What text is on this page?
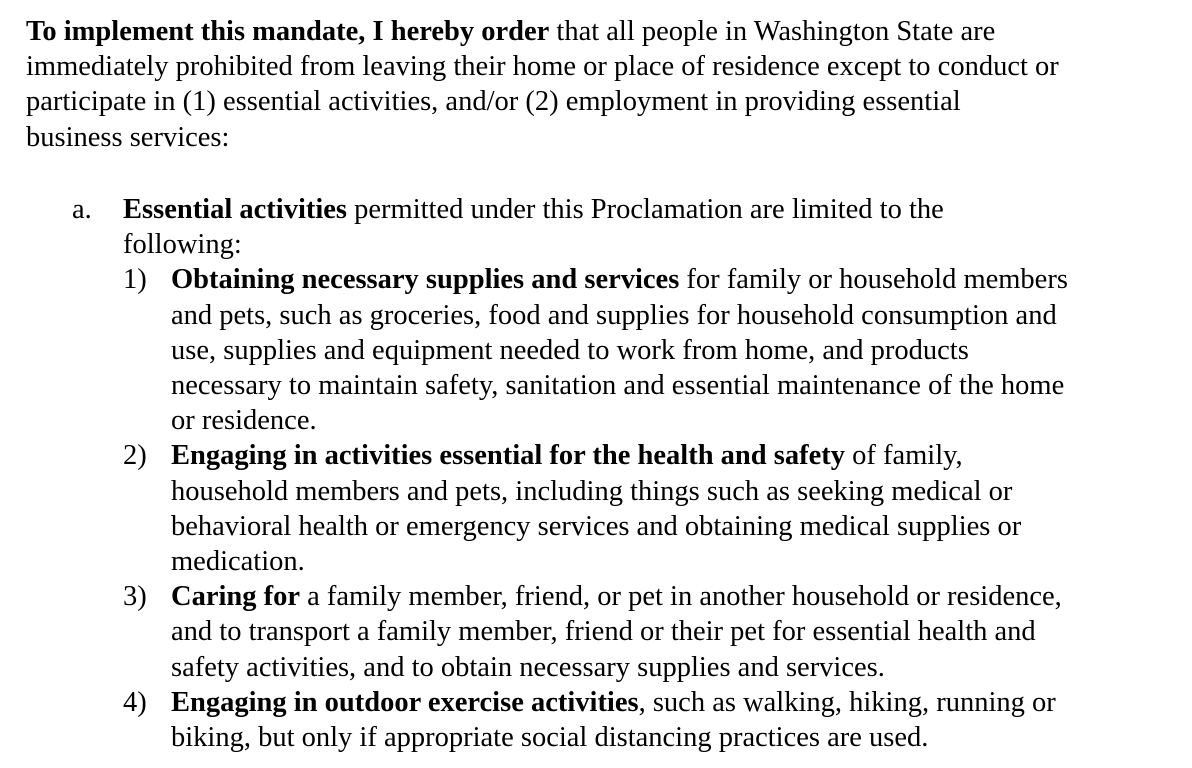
To implement this mandate, I hereby order that all people in Washington State are
immediately prohibited from leaving their home or place of residence except to conduct or
participate in (1) essential activities, and/or (2) employment in providing essential
business services:

a. Essential activities permitted under this Proclamation are limited to the
following:
1) Obtaining necessary supplies and services for family or household members
and pets, such as groceries, food and supplies for household consumption and
use, supplies and equipment needed to work from home, and products
necessary to maintain safety, sanitation and essential maintenance of the home
or residence.
2) Engaging in activities essential for the health and safety of family,
household members and pets, including things such as seeking medical or
behavioral health or emergency services and obtaining medical supplies or
medication.
3) Caring for a family member, friend, or pet in another household or residence,
and to transport a family member, friend or their pet for essential health and
safety activities, and to obtain necessary supplies and services.
4) Engaging in outdoor exercise activities, such as walking, hiking, running or
biking, but only if appropriate social distancing practices are used.
